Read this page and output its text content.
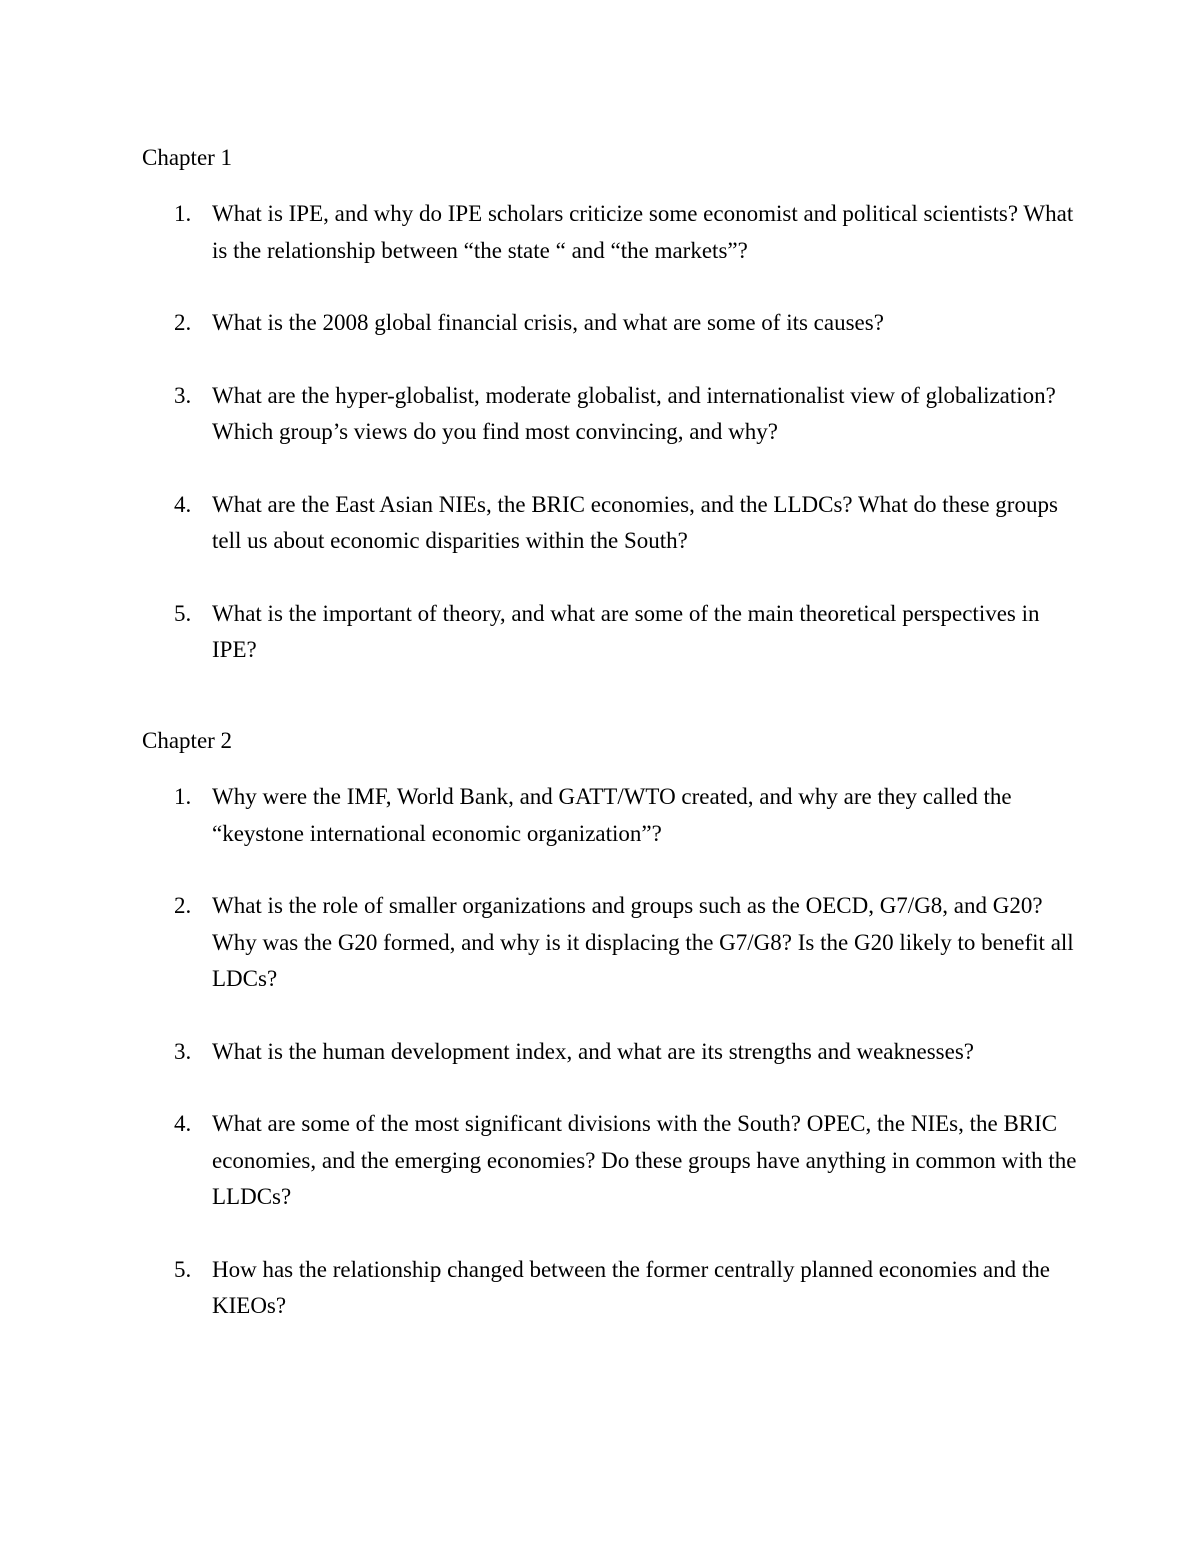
Chapter 1
1. What is IPE, and why do IPE scholars criticize some economist and political scientists? What is the relationship between “the state “ and “the markets”?
2. What is the 2008 global financial crisis, and what are some of its causes?
3. What are the hyper-globalist, moderate globalist, and internationalist view of globalization? Which group’s views do you find most convincing, and why?
4. What are the East Asian NIEs, the BRIC economies, and the LLDCs? What do these groups tell us about economic disparities within the South?
5. What is the important of theory, and what are some of the main theoretical perspectives in IPE?
Chapter 2
1. Why were the IMF, World Bank, and GATT/WTO created, and why are they called the “keystone international economic organization”?
2. What is the role of smaller organizations and groups such as the OECD, G7/G8, and G20? Why was the G20 formed, and why is it displacing the G7/G8? Is the G20 likely to benefit all LDCs?
3. What is the human development index, and what are its strengths and weaknesses?
4. What are some of the most significant divisions with the South? OPEC, the NIEs, the BRIC economies, and the emerging economies? Do these groups have anything in common with the LLDCs?
5. How has the relationship changed between the former centrally planned economies and the KIEOs?
